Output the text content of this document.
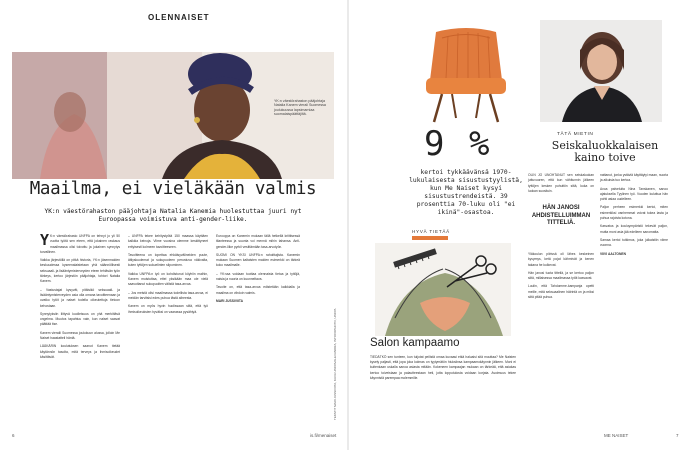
OLENNAISET
YK:n väestörahaston pääjohtaja Natalia Kanem vierali Suomessa joulukuussa lapsimarniaa suomalaispäättäjiltä.
Maailma, ei vieläkään valmis
YK:n väestörahaston pääjohtaja Natalia Kanemia huolestuttaa juuri nyt Euroopassa voimistuva anti-gender-liike.

Y K:n väestörahasto UNFPA on tehnyt jo yli 50 vuotta työtä sen eteen, että jokainen raskaus maailmassa olisi toivottu ja jokainen synnytys turvallinen.

Vaikka järjestöllä on pitkä historia, YK:n jäsenmaiden keskuudessa kyseenalaistetaan yhä säännöllisesti seksuaali- ja lisääntymisterveyden eteen tehtävän työn tärkeys, kertoo järjestön pääjohtaja, tohtori Natalia Kanem.

– Vastustajat kysyvät, pitäisikö seksuaali- ja lisääntymisterveyden asia olla omana tavoitteenaan ja ovatko tytöt ja naiset todella oikeutettuja tietoon kehostaan.

Synnytyksiin liittyvä kuolleisuus on yhä merkittävä ongelma. Muutos tapahtuu vain, kun naiset saavat päättää itse.

Kanem vieraili Suomessa joulukuun alussa, jolloin Me Naiset haastatteli häntä.

LÄÄKÄRIN koulutuksen saanut Kanem tietää käytännön tasolta, mitä terveys ja ihmisoikeudet käsittävät.

– UNFPA tekee kehitystyötä 150 maassa käyttäen kaikkia keinoja. Viime vuosina olemme keskittyneet erityisesti kolmeen tavoitteeseen.

Tavoitteena on lopettaa ehkäisyvälineiden puute, äitiyskuolemat ja sukupuoleen perustuva väkivalta, kuten tyttöjen sukuelinten silpominen.

Vaikka UNFPA:n työ on kohdistunut köyhiin maihin, Kanem muistuttaa, ettei yksikään maa ole vielä saavuttanut sukupuolten välistä tasa-arvoa.

– Jos meistä olisi maailmassa todellista tasa-arvoa, ei meidän tarvitsisi edes puhua tästä aiheesta.

Kanem on myös hyvin huolissaan siitä, että työ ihmisoikeuksien hyväksi on vaarassa pysähtyä.

Eurooppa on Kanemin mukaan tällä hetkellä kriittisessä tilanteessa ja suunta voi mennä mihin tahansa. Anti-gender-liike pyrkii vesittämään tasa-arvotyön.

SUOMI ON YKSI UNFPA:n rahoittajista. Kanemin mukaan Suomen kaltaisten maiden esimerkki on tärkeä koko maailmalle.

– YK:ssa voidaan tuottaa olennaista tietoa ja tyttöjä, naisia ja nuoria on kuunneltava.

Tavoite on, että tasa-arvoa edistetään kaikkialla ja maailma on vihdoin valmis.

MARI JUSSIVIITA

TEKSTIT MARI JUSSIVIITA, KUVA UNFPA/ALEXANDRA, ISTOCKPHOTO, UNFPA
6	is.fi/menaiset	ME NAISET	7
9 %
kertoi tykkäävänsä 1970-lukulaisesta sisustustyylistä, kun Me Naiset kysyi sisustustrendeistä. 39 prosenttia 70-luku oli "ei ikinä"-osastoa.
HYVÄ TIETÄÄ
Salon kampaamo
TIEDÄTKÖ sen tunteen, kun tuijotat peilistä omaa kuvaasi etkä haluaisi sitä muuttaa? Me Naisten kysely paljasti, että jopa joka kolmas on tyytymätön hiuksiinsa kampaamokäynnin jälkeen. Moni ei kuitenkaan uskalla sanoa asiasta mitään. Kokeneen kampaajan mukaan on tärkeää, että asiakas kertoo toiveistaan ja palautteestaan heti, jotta lopputulosta voidaan korjata. Avoimuus tekee käynnistä parempaa molemmille.
TÄTÄ MIETIN
Seiskaluokkalaisen kaino toive
HÄN JANOSI AHDISTELLUIMMAN TITTELIÄ.

OLIN JO UNOHTANUT sen seiskaluokan juttuvuoren, että kun vähitunnin jälkeen tyttöjen kesken puhuttiin siitä, kuka on luokan suosituin.

Yläkoulun piirissä oli lähes keskeinen kysymys, ketä pojat kähmivät ja kenen takana he kulkevat.

Hän janosi tuota titteliä, ja se kertoo paljon siitä, millaisessa maailmassa tytöt kasvavat.

Luulin, että Tahdomme-kampanja opetti meille, mitä seksuaalinen häirintä on ja miksi siitä pitää puhua.

nattanut, jonka ystäviä käyttäytyi maan, nuoria ja aikuisia tuo kertoa.

Avoa palveluita Nina Tanskanen, sanoo ajatuksella Tyylinen työ. Vuoden kuluttua hän pohti asiaa uudelleen.

Paljon perheen esimerkki kertoi, miten esimerkiksi vanhemmat voivat tukea lasta ja puhua rajoista kotona.

Kasvatus ja kouluympäristö tekevät paljon, mutta moni asia jää edelleen sanomatta.

Samaa kertoi tutkimus, joka julkaistiin viime vuonna.

VIIVI AALTONEN
